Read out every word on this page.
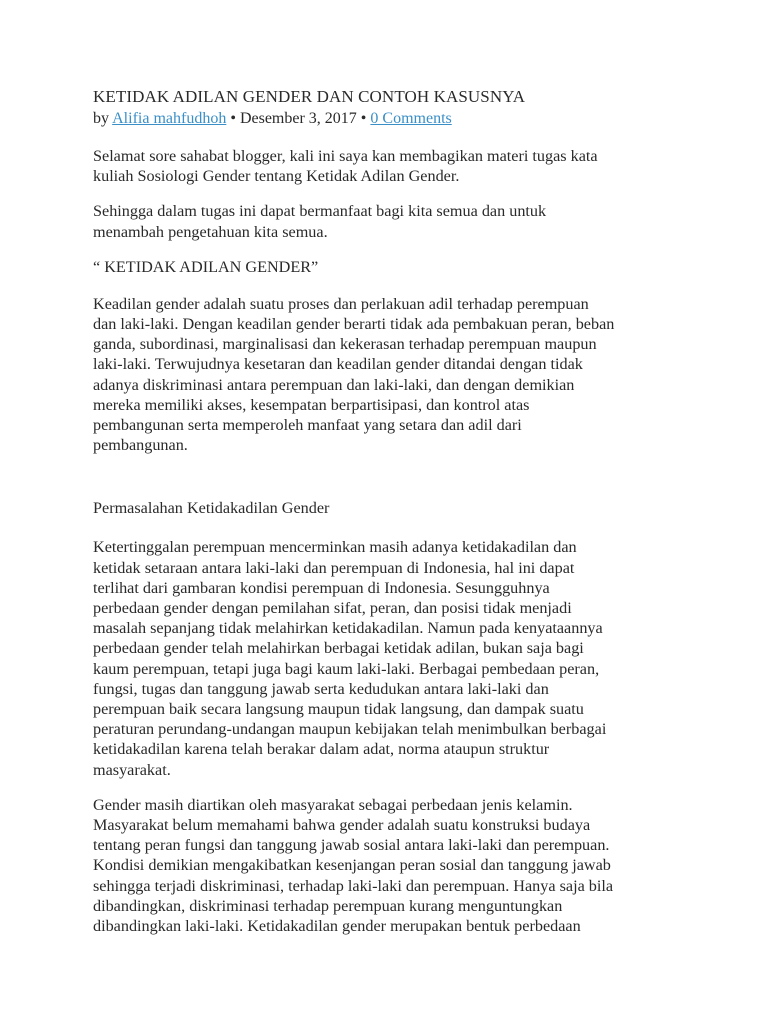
KETIDAK ADILAN GENDER DAN CONTOH KASUSNYA
by Alifia mahfudhoh • Desember 3, 2017 • 0 Comments

Selamat sore sahabat blogger, kali ini saya kan membagikan materi tugas kata
kuliah Sosiologi Gender tentang Ketidak Adilan Gender.

Sehingga dalam tugas ini dapat bermanfaat bagi kita semua dan untuk
menambah pengetahuan kita semua.

“ KETIDAK ADILAN GENDER”

Keadilan gender adalah suatu proses dan perlakuan adil terhadap perempuan
dan laki-laki. Dengan keadilan gender berarti tidak ada pembakuan peran, beban
ganda, subordinasi, marginalisasi dan kekerasan terhadap perempuan maupun
laki-laki. Terwujudnya kesetaran dan keadilan gender ditandai dengan tidak
adanya diskriminasi antara perempuan dan laki-laki, dan dengan demikian
mereka memiliki akses, kesempatan berpartisipasi, dan kontrol atas
pembangunan serta memperoleh manfaat yang setara dan adil dari
pembangunan.

Permasalahan Ketidakadilan Gender

Ketertinggalan perempuan mencerminkan masih adanya ketidakadilan dan
ketidak setaraan antara laki-laki dan perempuan di Indonesia, hal ini dapat
terlihat dari gambaran kondisi perempuan di Indonesia. Sesungguhnya
perbedaan gender dengan pemilahan sifat, peran, dan posisi tidak menjadi
masalah sepanjang tidak melahirkan ketidakadilan. Namun pada kenyataannya
perbedaan gender telah melahirkan berbagai ketidak adilan, bukan saja bagi
kaum perempuan, tetapi juga bagi kaum laki-laki. Berbagai pembedaan peran,
fungsi, tugas dan tanggung jawab serta kedudukan antara laki-laki dan
perempuan baik secara langsung maupun tidak langsung, dan dampak suatu
peraturan perundang-undangan maupun kebijakan telah menimbulkan berbagai
ketidakadilan karena telah berakar dalam adat, norma ataupun struktur
masyarakat.

Gender masih diartikan oleh masyarakat sebagai perbedaan jenis kelamin.
Masyarakat belum memahami bahwa gender adalah suatu konstruksi budaya
tentang peran fungsi dan tanggung jawab sosial antara laki-laki dan perempuan.
Kondisi demikian mengakibatkan kesenjangan peran sosial dan tanggung jawab
sehingga terjadi diskriminasi, terhadap laki-laki dan perempuan. Hanya saja bila
dibandingkan, diskriminasi terhadap perempuan kurang menguntungkan
dibandingkan laki-laki. Ketidakadilan gender merupakan bentuk perbedaan
